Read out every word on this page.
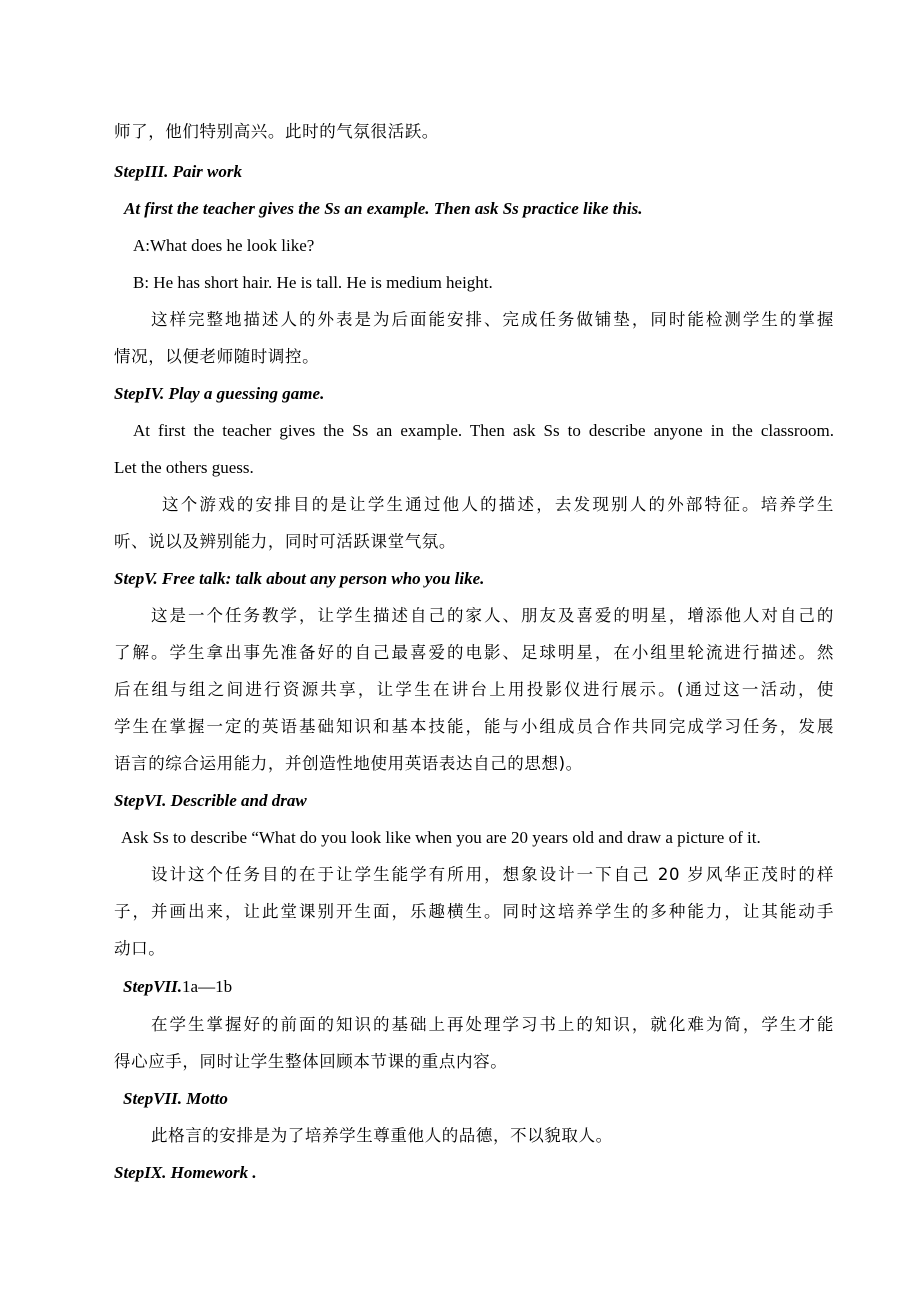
师了，他们特别高兴。此时的气氛很活跃。
StepIII. Pair work
At first the teacher gives the Ss an example. Then ask Ss practice like this.
A:What does he look like?
B: He has short hair. He is tall. He is medium height.
这样完整地描述人的外表是为后面能安排、完成任务做铺垫，同时能检测学生的掌握
情况，以便老师随时调控。
StepIV. Play a guessing game.
At first the teacher gives the Ss an example. Then ask Ss to describe anyone in the classroom.
Let the others guess.
这个游戏的安排目的是让学生通过他人的描述，去发现别人的外部特征。培养学生
听、说以及辨别能力，同时可活跃课堂气氛。
StepV. Free talk: talk about any person who you like.
这是一个任务教学，让学生描述自己的家人、朋友及喜爱的明星，增添他人对自己的
了解。学生拿出事先准备好的自己最喜爱的电影、足球明星，在小组里轮流进行描述。然
后在组与组之间进行资源共享，让学生在讲台上用投影仪进行展示。(通过这一活动，使
学生在掌握一定的英语基础知识和基本技能，能与小组成员合作共同完成学习任务，发展
语言的综合运用能力，并创造性地使用英语表达自己的思想)。
StepVI. Describle and draw
Ask Ss to describe “What do you look like when you are 20 years old and draw a picture of it.
设计这个任务目的在于让学生能学有所用，想象设计一下自己 20 岁风华正茂时的样
子，并画出来，让此堂课别开生面，乐趣横生。同时这培养学生的多种能力，让其能动手
动口。
StepVII.1a—1b
在学生掌握好的前面的知识的基础上再处理学习书上的知识，就化难为简，学生才能
得心应手，同时让学生整体回顾本节课的重点内容。
StepVII. Motto
此格言的安排是为了培养学生尊重他人的品德，不以貌取人。
StepIX. Homework .
